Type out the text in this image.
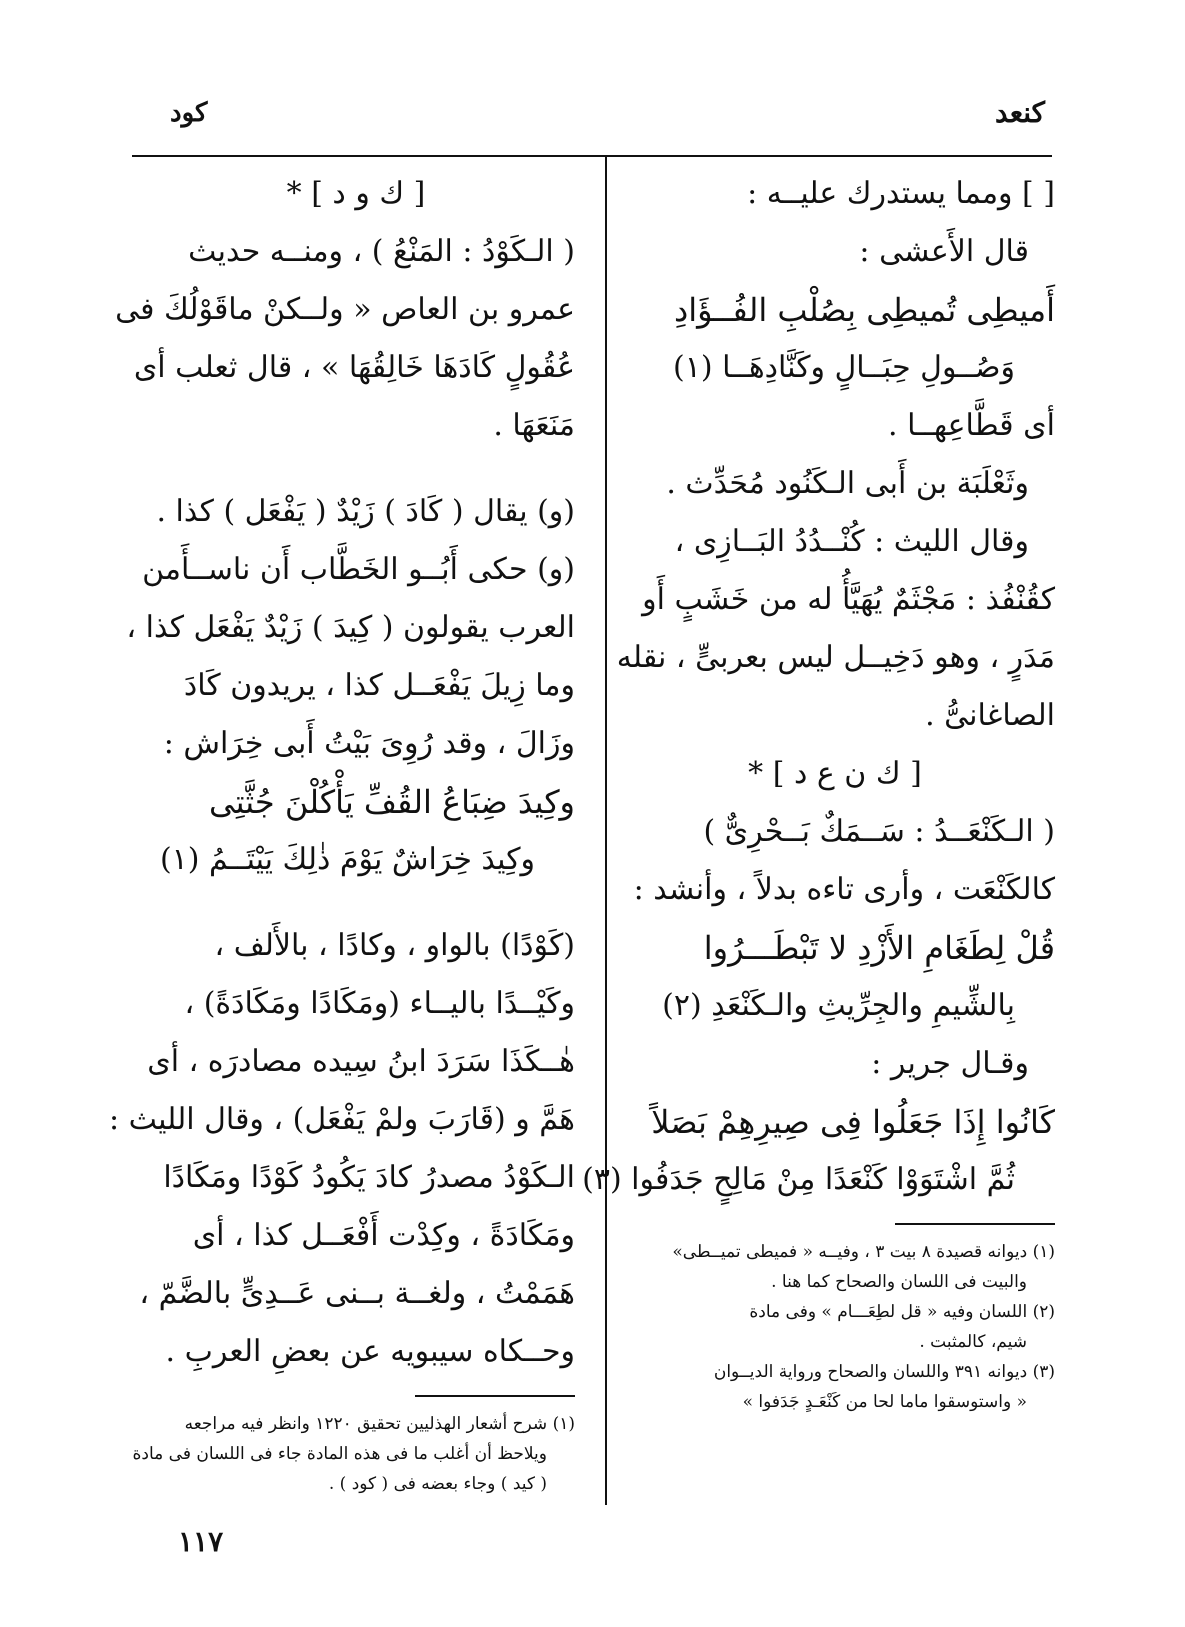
كنعد
كود
[ ] ومما يستدرك عليــه :
قال الأَعشى :
أَميطِى تُميطِى بِصُلْبِ الفُــؤَادِ
وَصُــولِ حِبَــالٍ وكَنَّادِهَــا (١)
أى قَطَّاعِهــا .
وثَعْلَبَة بن أَبى الـكَنُود مُحَدِّث .
وقال الليث : كُنْــدُدُ البَــازِى ،
كقُنْفُذ : مَجْثَمٌ يُهَيَّأُ له من خَشَبٍ أَو
مَدَرٍ ، وهو دَخِيــل ليس بعربىٍّ ، نقله
الصاغانىُّ .
[ ك ن ع د ] *
( الـكَنْعَــدُ : سَــمَكٌ بَــحْرِىٌّ )
كالكَنْعَت ، وأرى تاءه بدلاً ، وأنشد :
قُلْ لِطَغَامِ الأَزْدِ لا تَبْطَـــرُوا
بِالشِّيمِ والجِرِّيثِ والـكَنْعَدِ (٢)
وقـال جرير :
كَانُوا إِذَا جَعَلُوا فِى صِيرِهِمْ بَصَلاً
ثُمَّ اشْتَوَوْا كَنْعَدًا مِنْ مَالِحٍ جَدَفُوا (٣)
(١) ديوانه قصيدة ٨ بيت ٣ ، وفيــه « فميطى تميــطى»
والبيت فى اللسان والصحاح كما هنا .
(٢) اللسان وفيه « قل لطِعَـــام » وفى مادة
شيم، كالمثبت .
(٣) ديوانه ٣٩١ واللسان والصحاح ورواية الديــوان
« واستوسقوا ماما لحا من كَنْعَـدٍ جَدَفوا »
[ ك و د ] *
( الـكَوْدُ : المَنْعُ ) ، ومنــه حديث
عمرو بن العاص « ولــكنْ ماقَوْلُكَ فى
عُقُولٍ كَادَهَا خَالِقُهَا » ، قال ثعلب أى
مَنَعَهَا .
(و) يقال ( كَادَ ) زَيْدٌ ( يَفْعَل ) كذا .
(و) حكى أَبُــو الخَطَّاب أَن ناســأَمن
العرب يقولون ( كِيدَ ) زَيْدٌ يَفْعَل كذا ،
وما زِيلَ يَفْعَــل كذا ، يريدون كَادَ
وزَالَ ، وقد رُوِىَ بَيْتُ أَبى خِرَاش :
وكِيدَ ضِبَاعُ القُفِّ يَأْكُلْنَ جُثَّتِى
وكِيدَ خِرَاشٌ يَوْمَ ذٰلِكَ يَيْتَــمُ (١)
(كَوْدًا) بالواو ، وكادًا ، بالأَلف ،
وكَيْــدًا باليــاء (ومَكَادًا ومَكَادَةً) ،
هٰــكَذَا سَرَدَ ابنُ سِيده مصادرَه ، أى
هَمَّ و (قَارَبَ ولمْ يَفْعَل) ، وقال الليث :
الـكَوْدُ مصدرُ كادَ يَكُودُ كَوْدًا ومَكَادًا
ومَكَادَةً ، وكِدْت أَفْعَــل كذا ، أى
هَمَمْتُ ، ولغــة بــنى عَــدِىٍّ بالضَّمّ ،
وحــكاه سيبويه عن بعضِ العربِ .
(١) شرح أشعار الهذليين تحقيق ١٢٢٠ وانظر فيه مراجعه
ويلاحظ أن أغلب ما فى هذه المادة جاء فى اللسان فى مادة
( كيد ) وجاء بعضه فى ( كود ) .
١١٧
